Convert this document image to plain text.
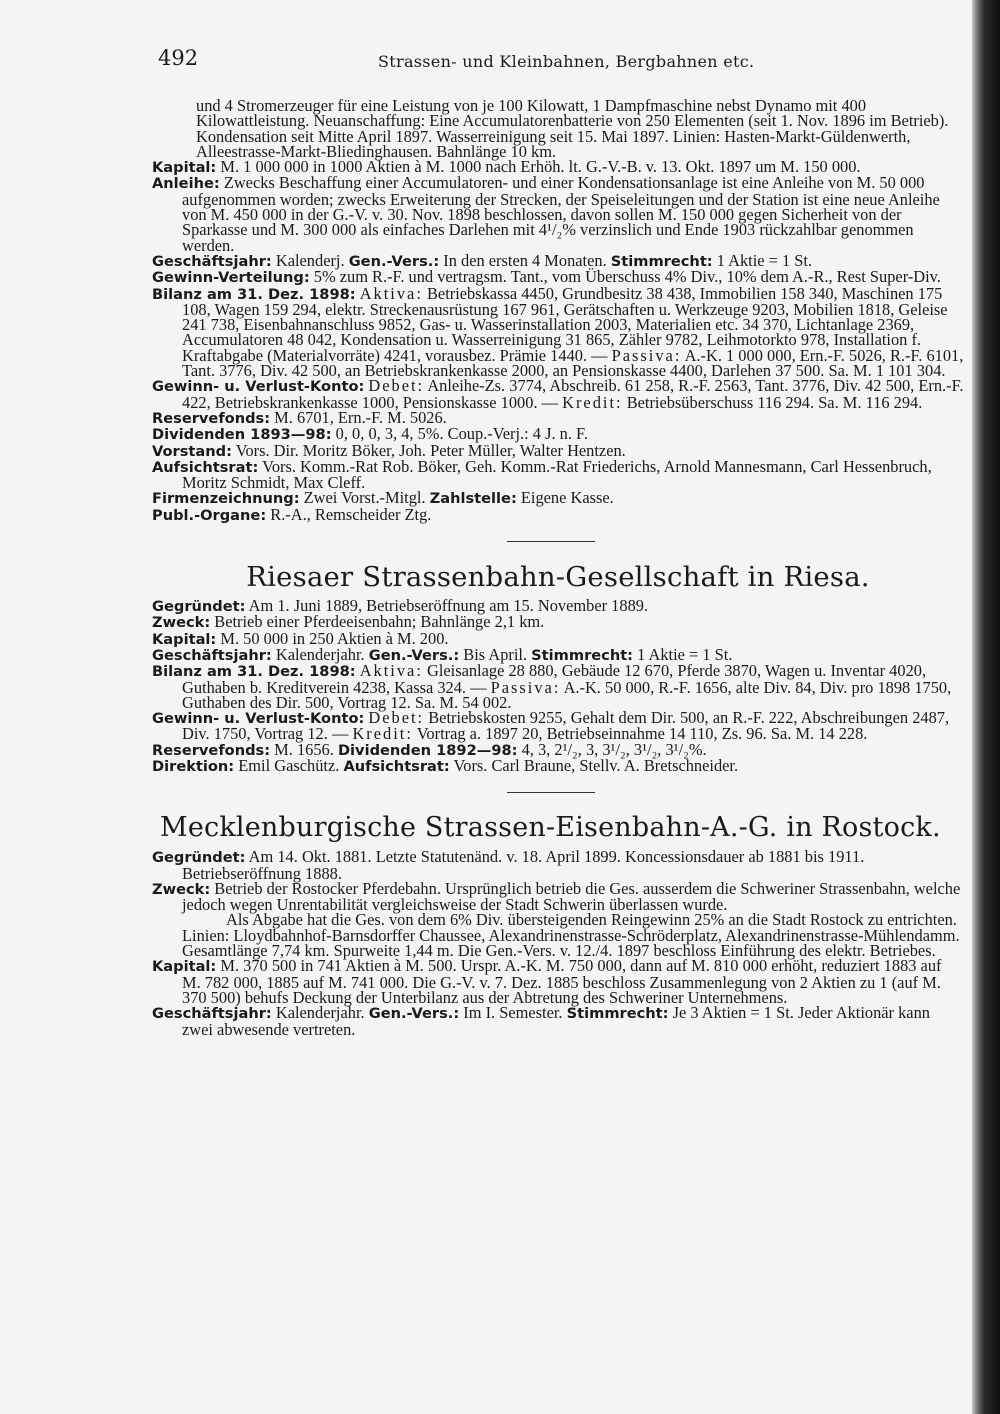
492	Strassen- und Kleinbahnen, Bergbahnen etc.

und 4 Stromerzeuger für eine Leistung von je 100 Kilowatt, 1 Dampfmaschine nebst Dynamo mit 400 Kilowattleistung. Neuanschaffung: Eine Accumulatorenbatterie von 250 Elementen (seit 1. Nov. 1896 im Betrieb). Kondensation seit Mitte April 1897. Wasserreinigung seit 15. Mai 1897. Linien: Hasten-Markt-Güldenwerth, Alleestrasse-Markt-Bliedinghausen. Bahnlänge 10 km.

Kapital: M. 1 000 000 in 1000 Aktien à M. 1000 nach Erhöh. lt. G.-V.-B. v. 13. Okt. 1897 um M. 150 000.

Anleihe: Zwecks Beschaffung einer Accumulatoren- und einer Kondensationsanlage ist eine Anleihe von M. 50 000 aufgenommen worden; zwecks Erweiterung der Strecken, der Speiseleitungen und der Station ist eine neue Anleihe von M. 450 000 in der G.-V. v. 30. Nov. 1898 beschlossen, davon sollen M. 150 000 gegen Sicherheit von der Sparkasse und M. 300 000 als einfaches Darlehen mit 4¹/₂% verzinslich und Ende 1903 rückzahlbar genommen werden.

Geschäftsjahr: Kalenderj. Gen.-Vers.: In den ersten 4 Monaten. Stimmrecht: 1 Aktie = 1 St.

Gewinn-Verteilung: 5% zum R.-F. und vertragsm. Tant., vom Überschuss 4% Div., 10% dem A.-R., Rest Super-Div.

Bilanz am 31. Dez. 1898: Aktiva: Betriebskassa 4450, Grundbesitz 38 438, Immobilien 158 340, Maschinen 175 108, Wagen 159 294, elektr. Streckenausrüstung 167 961, Gerätschaften u. Werkzeuge 9203, Mobilien 1818, Geleise 241 738, Eisenbahnanschluss 9852, Gas- u. Wasserinstallation 2003, Materialien etc. 34 370, Lichtanlage 2369, Accumulatoren 48 042, Kondensation u. Wasserreinigung 31 865, Zähler 9782, Leihmotorkto 978, Installation f. Kraftabgabe (Materialvorräte) 4241, vorausbez. Prämie 1440. — Passiva: A.-K. 1 000 000, Ern.-F. 5026, R.-F. 6101, Tant. 3776, Div. 42 500, an Betriebskrankenkasse 2000, an Pensionskasse 4400, Darlehen 37 500. Sa. M. 1 101 304.

Gewinn- u. Verlust-Konto: Debet: Anleihe-Zs. 3774, Abschreib. 61 258, R.-F. 2563, Tant. 3776, Div. 42 500, Ern.-F. 422, Betriebskrankenkasse 1000, Pensionskasse 1000. — Kredit: Betriebsüberschuss 116 294. Sa. M. 116 294.

Reservefonds: M. 6701, Ern.-F. M. 5026.

Dividenden 1893—98: 0, 0, 0, 3, 4, 5%. Coup.-Verj.: 4 J. n. F.

Vorstand: Vors. Dir. Moritz Böker, Joh. Peter Müller, Walter Hentzen.

Aufsichtsrat: Vors. Komm.-Rat Rob. Böker, Geh. Komm.-Rat Friederichs, Arnold Mannesmann, Carl Hessenbruch, Moritz Schmidt, Max Cleff.

Firmenzeichnung: Zwei Vorst.-Mitgl. Zahlstelle: Eigene Kasse.

Publ.-Organe: R.-A., Remscheider Ztg.

Riesaer Strassenbahn-Gesellschaft in Riesa.

Gegründet: Am 1. Juni 1889, Betriebseröffnung am 15. November 1889.

Zweck: Betrieb einer Pferdeeisenbahn; Bahnlänge 2,1 km.

Kapital: M. 50 000 in 250 Aktien à M. 200.

Geschäftsjahr: Kalenderjahr. Gen.-Vers.: Bis April. Stimmrecht: 1 Aktie = 1 St.

Bilanz am 31. Dez. 1898: Aktiva: Gleisanlage 28 880, Gebäude 12 670, Pferde 3870, Wagen u. Inventar 4020, Guthaben b. Kreditverein 4238, Kassa 324. — Passiva: A.-K. 50 000, R.-F. 1656, alte Div. 84, Div. pro 1898 1750, Guthaben des Dir. 500, Vortrag 12. Sa. M. 54 002.

Gewinn- u. Verlust-Konto: Debet: Betriebskosten 9255, Gehalt dem Dir. 500, an R.-F. 222, Abschreibungen 2487, Div. 1750, Vortrag 12. — Kredit: Vortrag a. 1897 20, Betriebseinnahme 14 110, Zs. 96. Sa. M. 14 228.

Reservefonds: M. 1656. Dividenden 1892—98: 4, 3, 2¹/₂, 3, 3¹/₂, 3¹/₂, 3¹/₂%.

Direktion: Emil Gaschütz. Aufsichtsrat: Vors. Carl Braune, Stellv. A. Bretschneider.

Mecklenburgische Strassen-Eisenbahn-A.-G. in Rostock.

Gegründet: Am 14. Okt. 1881. Letzte Statutenänd. v. 18. April 1899. Koncessionsdauer ab 1881 bis 1911. Betriebseröffnung 1888.

Zweck: Betrieb der Rostocker Pferdebahn. Ursprünglich betrieb die Ges. ausserdem die Schweriner Strassenbahn, welche jedoch wegen Unrentabilität vergleichsweise der Stadt Schwerin überlassen wurde.

Als Abgabe hat die Ges. von dem 6% Div. übersteigenden Reingewinn 25% an die Stadt Rostock zu entrichten. Linien: Lloydbahnhof-Barnsdorffer Chaussee, Alexandrinenstrasse-Schröderplatz, Alexandrinenstrasse-Mühlendamm. Gesamtlänge 7,74 km. Spurweite 1,44 m. Die Gen.-Vers. v. 12./4. 1897 beschloss Einführung des elektr. Betriebes.

Kapital: M. 370 500 in 741 Aktien à M. 500. Urspr. A.-K. M. 750 000, dann auf M. 810 000 erhöht, reduziert 1883 auf M. 782 000, 1885 auf M. 741 000. Die G.-V. v. 7. Dez. 1885 beschloss Zusammenlegung von 2 Aktien zu 1 (auf M. 370 500) behufs Deckung der Unterbilanz aus der Abtretung des Schweriner Unternehmens.

Geschäftsjahr: Kalenderjahr. Gen.-Vers.: Im I. Semester. Stimmrecht: Je 3 Aktien = 1 St. Jeder Aktionär kann zwei abwesende vertreten.
